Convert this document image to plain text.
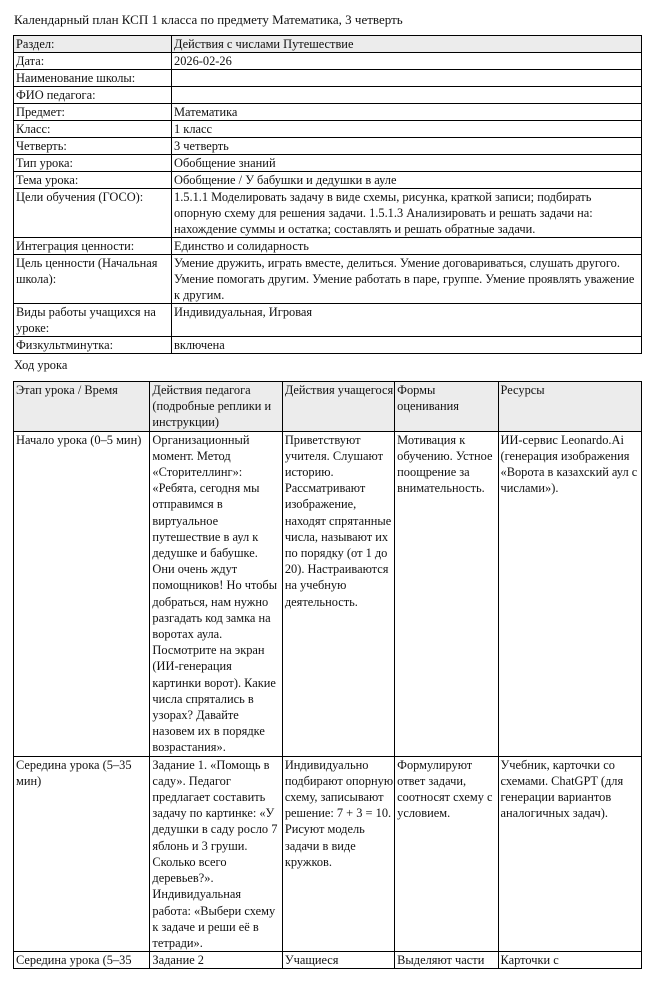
Календарный план КСП 1 класса по предмету Математика, 3 четверть
Раздел:	Действия с числами Путешествие
Дата:	2026-02-26
Наименование школы:	
ФИО педагога:	
Предмет:	Математика
Класс:	1 класс
Четверть:	3 четверть
Тип урока:	Обобщение знаний
Тема урока:	Обобщение / У бабушки и дедушки в ауле
Цели обучения (ГОСО):	1.5.1.1 Моделировать задачу в виде схемы, рисунка, краткой записи; подбирать опорную схему для решения задачи. 1.5.1.3 Анализировать и решать задачи на: нахождение суммы и остатка; составлять и решать обратные задачи.
Интеграция ценности:	Единство и солидарность
Цель ценности (Начальная школа):	Умение дружить, играть вместе, делиться. Умение договариваться, слушать другого. Умение помогать другим. Умение работать в паре, группе. Умение проявлять уважение к другим.
Виды работы учащихся на уроке:	Индивидуальная, Игровая
Физкультминутка:	включена
Ход урока
Этап урока / Время	Действия педагога (подробные реплики и инструкции)	Действия учащегося	Формы оценивания	Ресурсы
Начало урока (0–5 мин)	Организационный момент. Метод «Сторителлинг»: «Ребята, сегодня мы отправимся в виртуальное путешествие в аул к дедушке и бабушке. Они очень ждут помощников! Но чтобы добраться, нам нужно разгадать код замка на воротах аула. Посмотрите на экран (ИИ-генерация картинки ворот). Какие числа спрятались в узорах? Давайте назовем их в порядке возрастания».	Приветствуют учителя. Слушают историю. Рассматривают изображение, находят спрятанные числа, называют их по порядку (от 1 до 20). Настраиваются на учебную деятельность.	Мотивация к обучению. Устное поощрение за внимательность.	ИИ-сервис Leonardo.Ai (генерация изображения «Ворота в казахский аул с числами»).
Середина урока (5–35 мин)	Задание 1. «Помощь в саду». Педагог предлагает составить задачу по картинке: «У дедушки в саду росло 7 яблонь и 3 груши. Сколько всего деревьев?». Индивидуальная работа: «Выбери схему к задаче и реши её в тетради».	Индивидуально подбирают опорную схему, записывают решение: 7 + 3 = 10. Рисуют модель задачи в виде кружков.	Формулируют ответ задачи, соотносят схему с условием.	Учебник, карточки со схемами. ChatGPT (для генерации вариантов аналогичных задач).
Середина урока (5–35	Задание 2	Учащиеся	Выделяют части	Карточки с
